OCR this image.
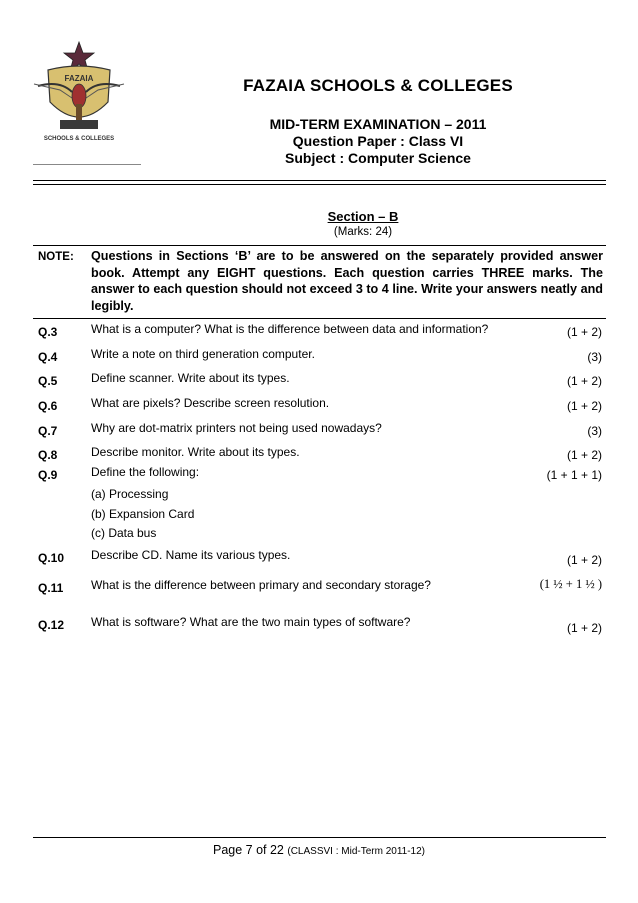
FAZAIA
SCHOOLS & COLLEGES
FAZAIA SCHOOLS & COLLEGES
MID-TERM EXAMINATION – 2011
Question Paper : Class VI
Subject : Computer Science
Section – B
(Marks: 24)
NOTE: Questions in Sections ‘B’ are to be answered on the separately provided answer book. Attempt any EIGHT questions. Each question carries THREE marks. The answer to each question should not exceed 3 to 4 line. Write your answers neatly and legibly.
Q.3	What is a computer? What is the difference between data and information?	(1 + 2)
Q.4	Write a note on third generation computer.	(3)
Q.5	Define scanner. Write about its types.	(1 + 2)
Q.6	What are pixels? Describe screen resolution.	(1 + 2)
Q.7	Why are dot-matrix printers not being used nowadays?	(3)
Q.8	Describe monitor. Write about its types.	(1 + 2)
Q.9	Define the following:	(1 + 1 + 1)
(a) Processing
(b) Expansion Card
(c) Data bus
Q.10 Describe CD. Name its various types.	(1 + 2)
Q.11 What is the difference between primary and secondary storage?	(1 ½ + 1 ½ )
Q.12 What is software? What are the two main types of software?	(1 + 2)
Page 7 of 22 (CLASSVI : Mid-Term 2011-12)
